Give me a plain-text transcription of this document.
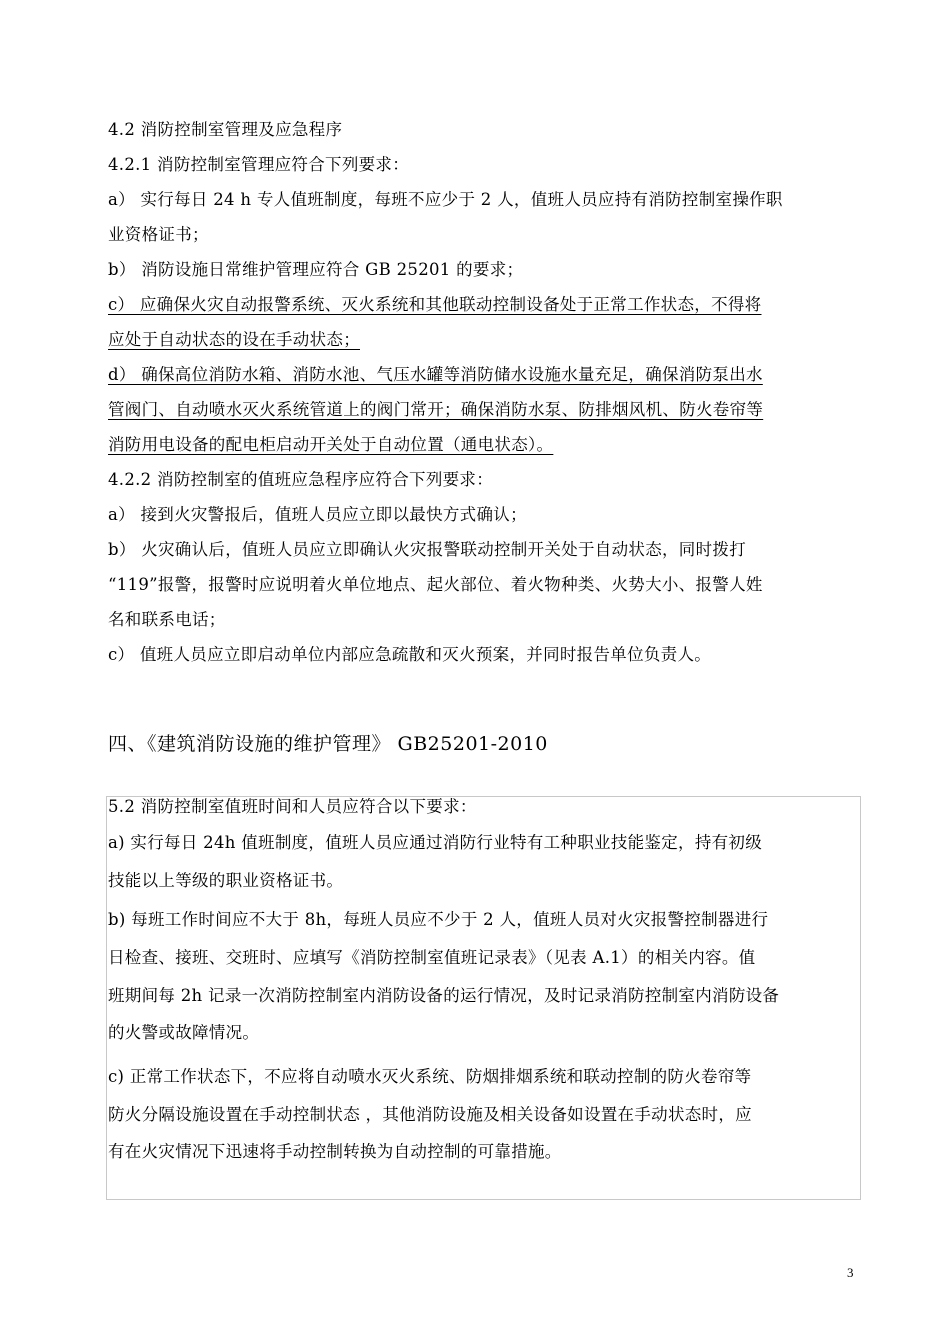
4.2 消防控制室管理及应急程序
4.2.1 消防控制室管理应符合下列要求：
a） 实行每日 24 h 专人值班制度，每班不应少于 2 人，值班人员应持有消防控制室操作职
业资格证书；
b） 消防设施日常维护管理应符合 GB 25201 的要求；
c） 应确保火灾自动报警系统、灭火系统和其他联动控制设备处于正常工作状态，不得将
应处于自动状态的设在手动状态；
d） 确保高位消防水箱、消防水池、气压水罐等消防储水设施水量充足，确保消防泵出水
管阀门、自动喷水灭火系统管道上的阀门常开；确保消防水泵、防排烟风机、防火卷帘等
消防用电设备的配电柜启动开关处于自动位置（通电状态）。
4.2.2 消防控制室的值班应急程序应符合下列要求：
a） 接到火灾警报后，值班人员应立即以最快方式确认；
b） 火灾确认后，值班人员应立即确认火灾报警联动控制开关处于自动状态，同时拨打
“119”报警，报警时应说明着火单位地点、起火部位、着火物种类、火势大小、报警人姓
名和联系电话；
c） 值班人员应立即启动单位内部应急疏散和灭火预案，并同时报告单位负责人。
四、《建筑消防设施的维护管理》 GB25201-2010
5.2 消防控制室值班时间和人员应符合以下要求：
a) 实行每日 24h 值班制度，值班人员应通过消防行业特有工种职业技能鉴定，持有初级
技能以上等级的职业资格证书。
b) 每班工作时间应不大于 8h，每班人员应不少于 2 人，值班人员对火灾报警控制器进行
日检查、接班、交班时、应填写《消防控制室值班记录表》（见表 A.1）的相关内容。值
班期间每 2h 记录一次消防控制室内消防设备的运行情况，及时记录消防控制室内消防设备
的火警或故障情况。
c) 正常工作状态下，不应将自动喷水灭火系统、防烟排烟系统和联动控制的防火卷帘等
防火分隔设施设置在手动控制状态 ，其他消防设施及相关设备如设置在手动状态时，应
有在火灾情况下迅速将手动控制转换为自动控制的可靠措施。
3
